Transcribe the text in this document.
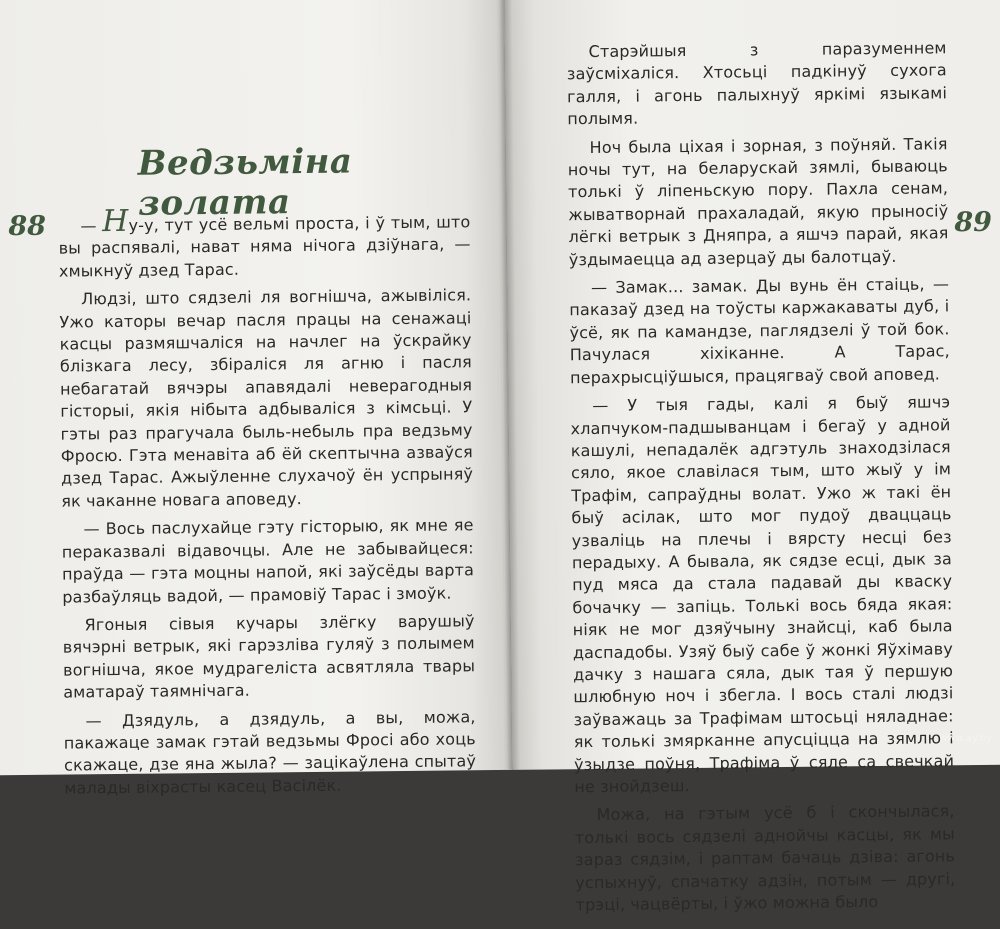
Ведзьміна золата
88	— Ну-у, тут усё вельмі проста, і ў тым, што вы распявалі, нават няма нічога дзіўнага, — хмыкнуў дзед Тарас.

Людзі, што сядзелі ля вогнішча, ажывіліся. Ужо каторы вечар пасля працы на сенажаці касцы размяшчаліся на начлег на ўскрайку блізкага лесу, збіраліся ля агню і пасля небагатай вячэры апавядалі неверагодныя гісторыі, якія нібыта адбываліся з кімсьці. У гэты раз прагучала быль-небыль пра ведзьму Фросю. Гэта менавіта аб ёй скептычна азваўся дзед Тарас. Ажыўленне слухачоў ён успрыняў як чаканне новага аповеду.

— Вось паслухайце гэту гісторыю, як мне яе пераказвалі відавочцы. Але не забывайцеся: праўда — гэта моцны напой, які заўсёды варта разбаўляць вадой, — прамовіў Тарас і змоўк.

Ягоныя сівыя кучары злёгку варушыў вячэрні ветрык, які гарэзліва гуляў з полымем вогнішча, якое мудрагеліста асвятляла твары аматараў таямнічага.

— Дзядуль, а дзядуль, а вы, можа, пакажаце замак гэтай ведзьмы Фросі або хоць скажаце, дзе яна жыла? — зацікаўлена спытаў малады віхрасты касец Васілёк.

89

Старэйшыя з паразуменнем заўсміхаліся. Хтосьці падкінуў сухога галля, і агонь палыхнуў яркімі языкамі полымя.

Ноч была ціхая і зорная, з поўняй. Такія ночы тут, на беларускай зямлі, бываюць толькі ў ліпеньскую пору. Пахла сенам, жыватворнай прахаладай, якую прыносіў лёгкі ветрык з Дняпра, а яшчэ парай, якая ўздымаецца ад азерцаў ды балотцаў.

— Замак... замак. Ды вунь ён стаіць, — паказаў дзед на тоўсты каржакаваты дуб, і ўсё, як па камандзе, паглядзелі ў той бок. Пачулася хіхіканне. А Тарас, перахрысціўшыся, працягваў свой аповед.

— У тыя гады, калі я быў яшчэ хлапчуком-падшыванцам і бегаў у адной кашулі, непадалёк адгэтуль знаходзілася сяло, якое славілася тым, што жыў у ім Трафім, сапраўдны волат. Ужо ж такі ён быў асілак, што мог пудоў дваццаць узваліць на плечы і вярсту несці без перадыху. А бывала, як сядзе есці, дык за пуд мяса да стала падавай ды кваску бочачку — запіць. Толькі вось бяда якая: ніяк не мог дзяўчыну знайсці, каб была даспадобы. Узяў быў сабе ў жонкі Яўхімаву дачку з нашага сяла, дык тая ў першую шлюбную ноч і збегла. І вось сталі людзі заўважаць за Трафімам штосьці няладнае: як толькі змярканне апусціцца на зямлю і ўзыдзе поўня, Трафіма ў сяле са свечкай не знойдзеш.

Можа, на гэтым усё б і скончылася, толькі вось сядзелі аднойчы касцы, як мы зараз сядзім, і раптам бачаць дзіва: агонь успыхнуў, спачатку адзін, потым — другі, трэці, чацвёрты, і ўжо можна было

www.ay.by
